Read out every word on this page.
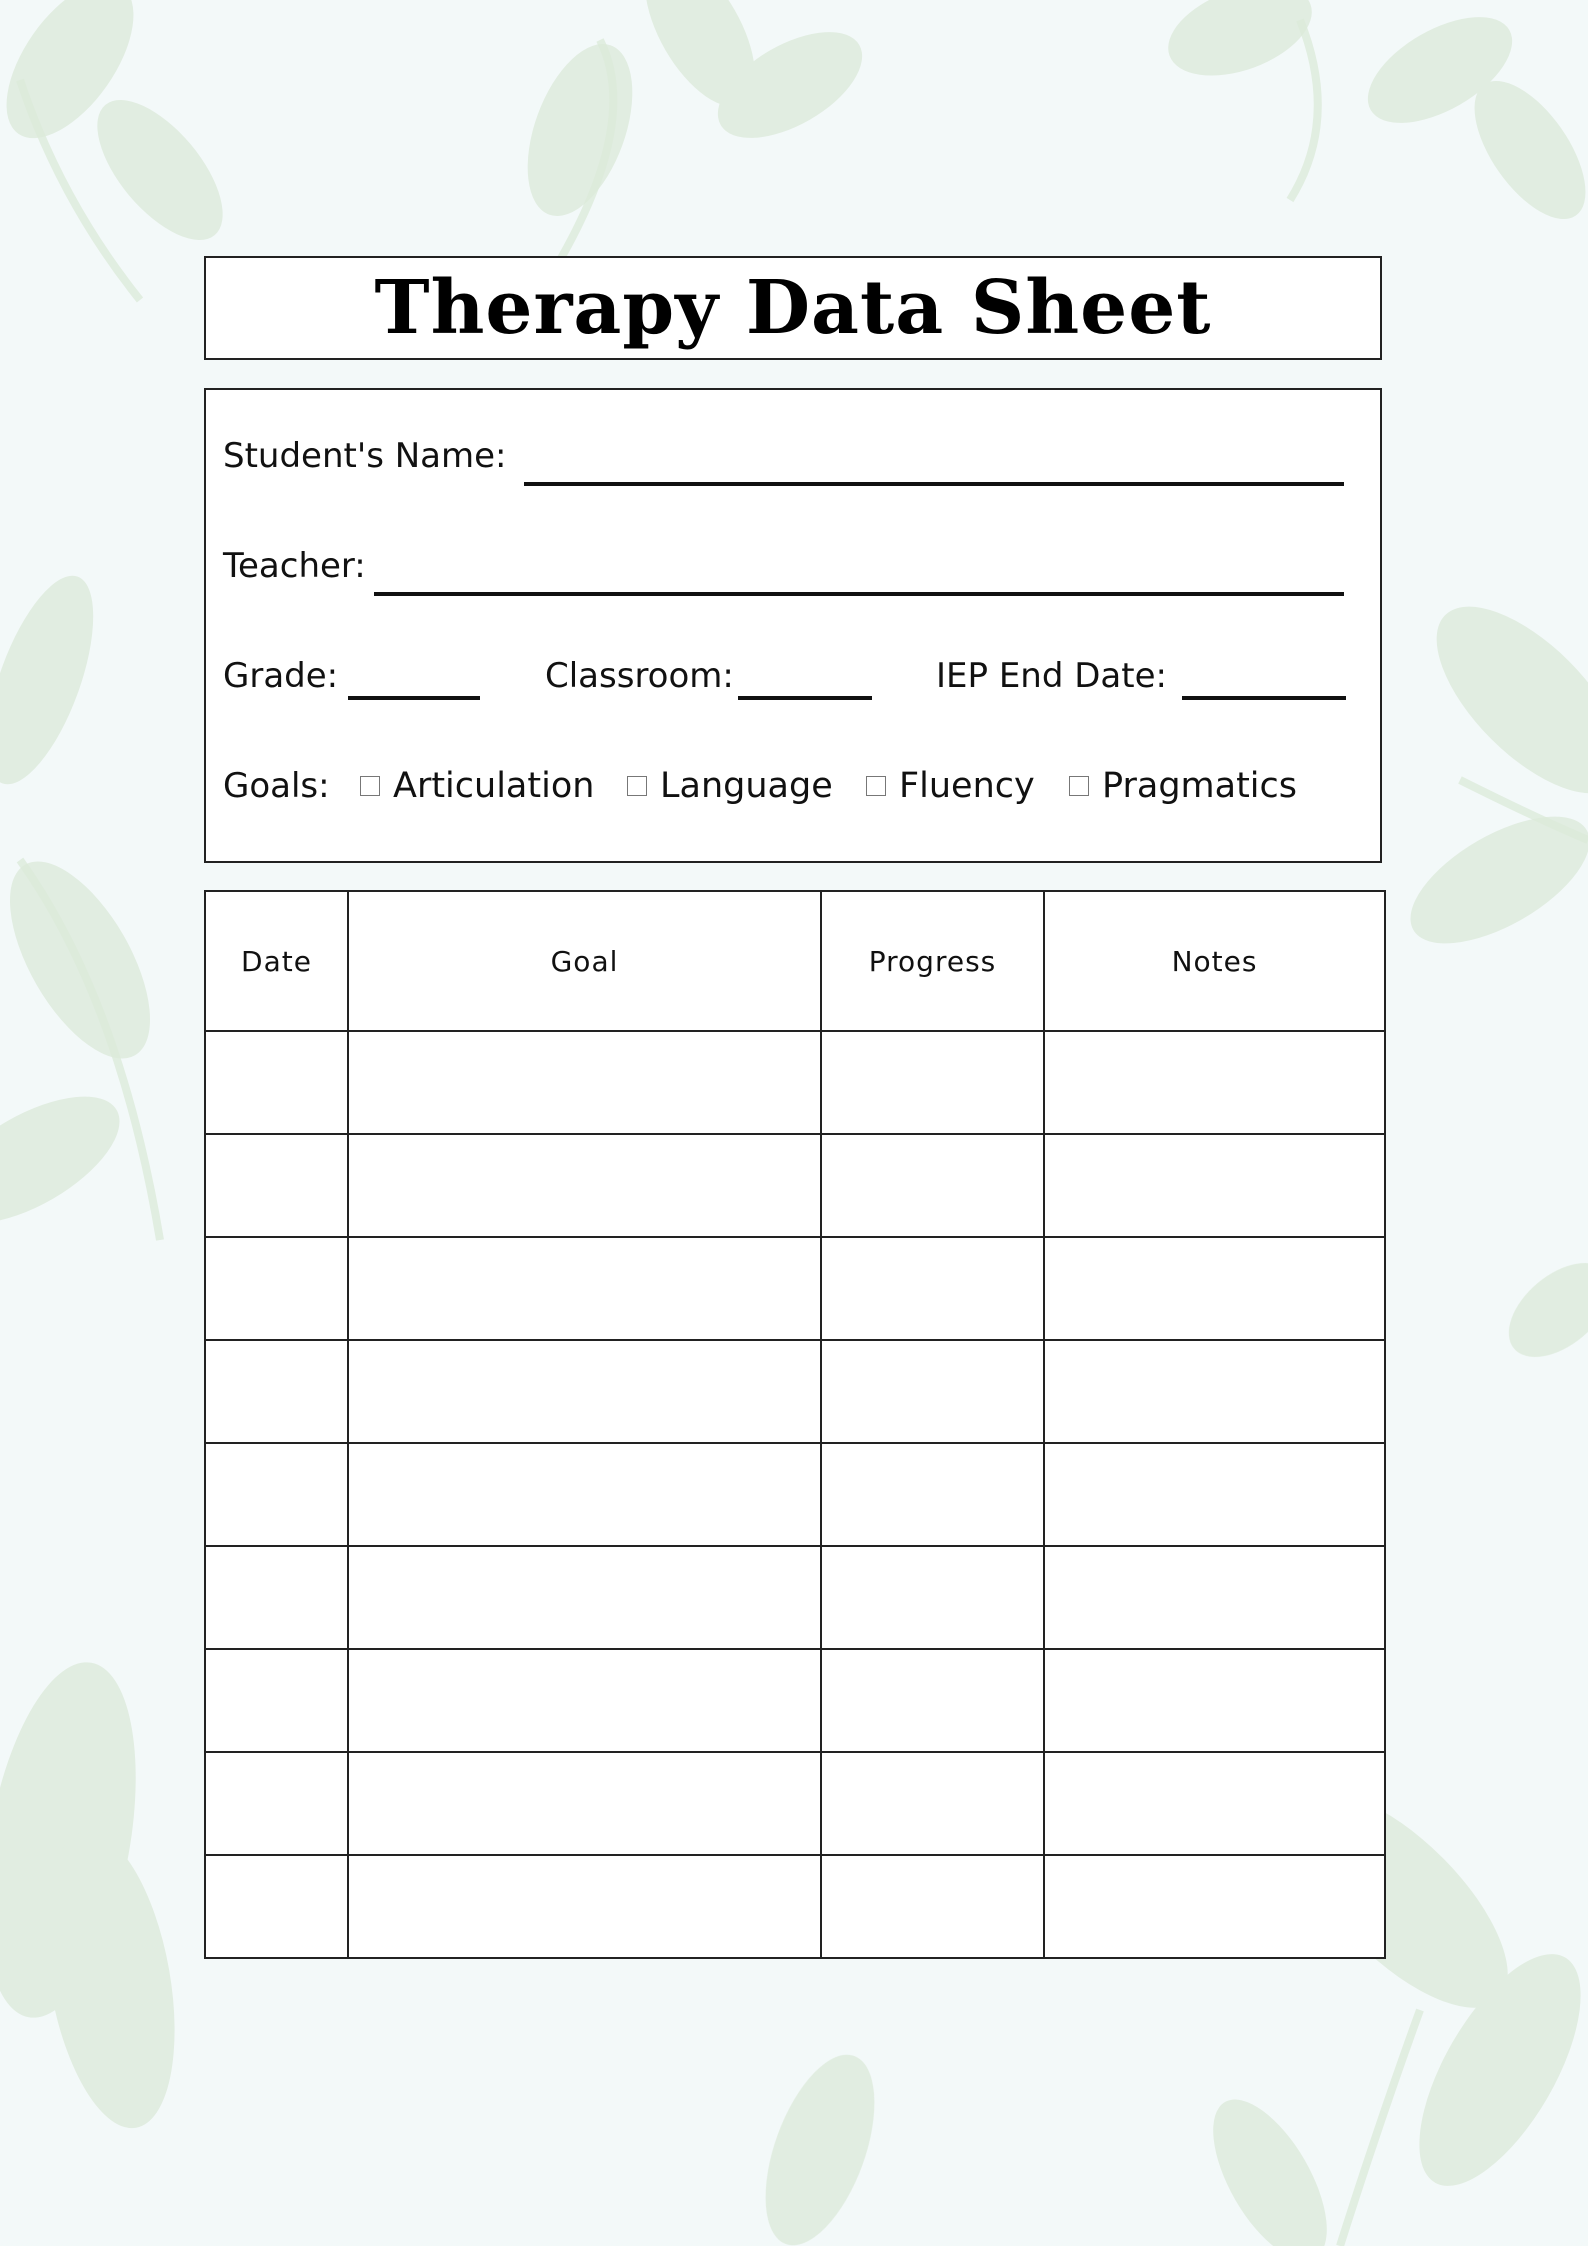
Therapy Data Sheet
Student's Name:
Teacher:
Grade:	Classroom:	IEP End Date:
Goals: Articulation Language Fluency Pragmatics
Date	Goal	Progress	Notes
